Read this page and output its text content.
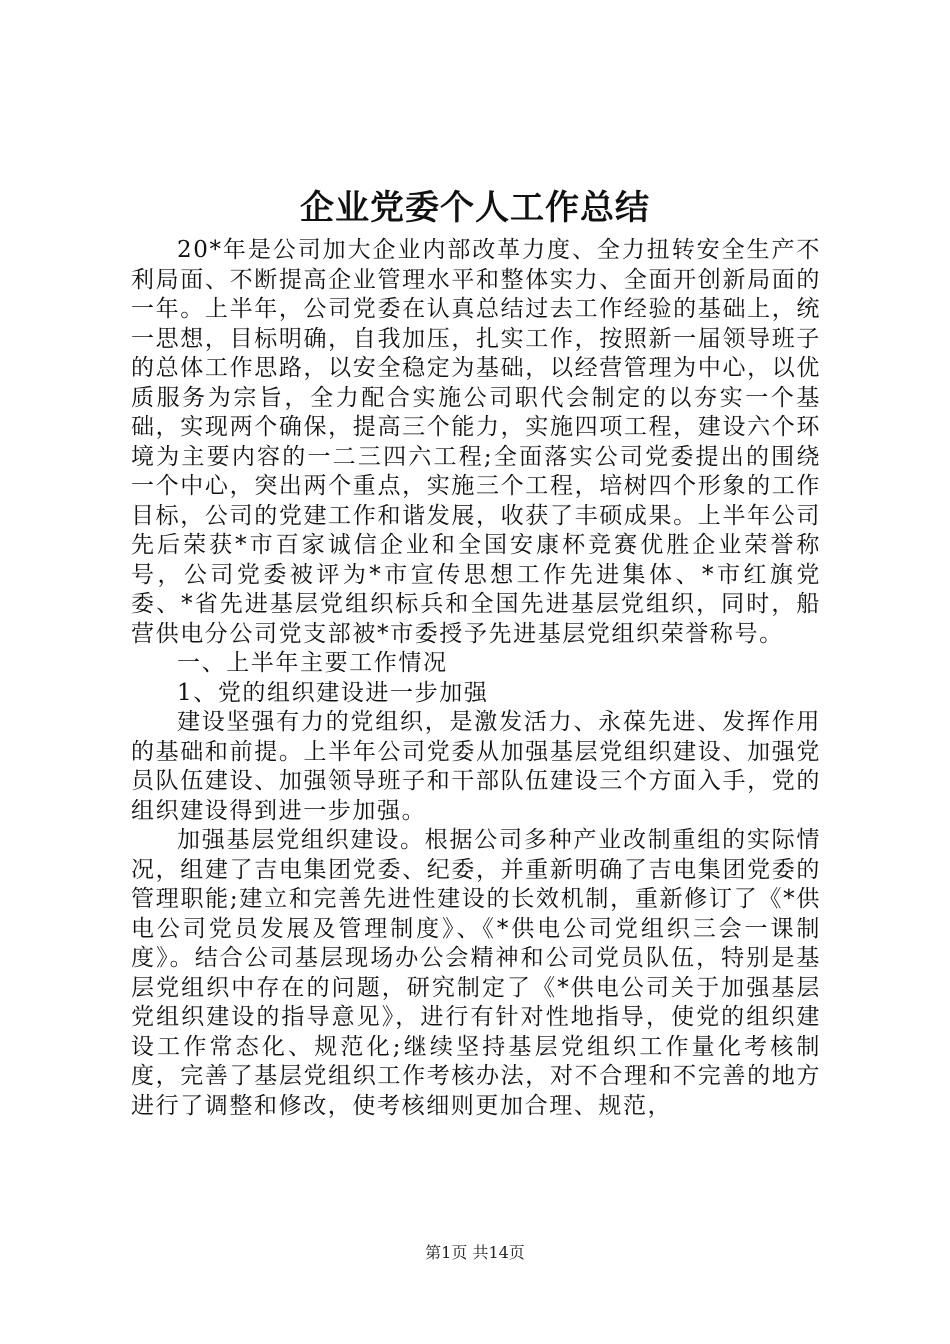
企业党委个人工作总结

20*年是公司加大企业内部改革力度、全力扭转安全生产不利局面、不断提高企业管理水平和整体实力、全面开创新局面的一年。上半年，公司党委在认真总结过去工作经验的基础上，统一思想，目标明确，自我加压，扎实工作，按照新一届领导班子的总体工作思路，以安全稳定为基础，以经营管理为中心，以优质服务为宗旨，全力配合实施公司职代会制定的以夯实一个基础，实现两个确保，提高三个能力，实施四项工程，建设六个环境为主要内容的一二三四六工程;全面落实公司党委提出的围绕一个中心，突出两个重点，实施三个工程，培树四个形象的工作目标，公司的党建工作和谐发展，收获了丰硕成果。上半年公司先后荣获*市百家诚信企业和全国安康杯竞赛优胜企业荣誉称号，公司党委被评为*市宣传思想工作先进集体、*市红旗党委、*省先进基层党组织标兵和全国先进基层党组织，同时，船营供电分公司党支部被*市委授予先进基层党组织荣誉称号。

一、上半年主要工作情况

1、党的组织建设进一步加强

建设坚强有力的党组织，是激发活力、永葆先进、发挥作用的基础和前提。上半年公司党委从加强基层党组织建设、加强党员队伍建设、加强领导班子和干部队伍建设三个方面入手，党的组织建设得到进一步加强。

加强基层党组织建设。根据公司多种产业改制重组的实际情况，组建了吉电集团党委、纪委，并重新明确了吉电集团党委的管理职能;建立和完善先进性建设的长效机制，重新修订了《*供电公司党员发展及管理制度》、《*供电公司党组织三会一课制度》。结合公司基层现场办公会精神和公司党员队伍，特别是基层党组织中存在的问题，研究制定了《*供电公司关于加强基层党组织建设的指导意见》，进行有针对性地指导，使党的组织建设工作常态化、规范化;继续坚持基层党组织工作量化考核制度，完善了基层党组织工作考核办法，对不合理和不完善的地方进行了调整和修改，使考核细则更加合理、规范，

第1页 共14页
